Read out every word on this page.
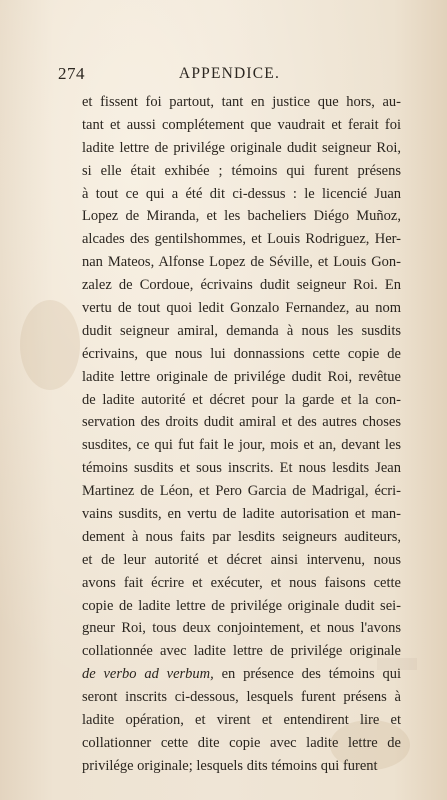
274	APPENDICE.
et fissent foi partout, tant en justice que hors, au-
tant et aussi complétement que vaudrait et ferait foi
ladite lettre de privilége originale dudit seigneur Roi,
si elle était exhibée ; témoins qui furent présens
à tout ce qui a été dit ci-dessus : le licencié Juan
Lopez de Miranda, et les bacheliers Diégo Muñoz,
alcades des gentilshommes, et Louis Rodriguez, Her-
nan Mateos, Alfonse Lopez de Séville, et Louis Gon-
zalez de Cordoue, écrivains dudit seigneur Roi. En
vertu de tout quoi ledit Gonzalo Fernandez, au nom
dudit seigneur amiral, demanda à nous les susdits
écrivains, que nous lui donnassions cette copie de
ladite lettre originale de privilége dudit Roi, revêtue
de ladite autorité et décret pour la garde et la con-
servation des droits dudit amiral et des autres choses
susdites, ce qui fut fait le jour, mois et an, devant les
témoins susdits et sous inscrits. Et nous lesdits Jean
Martinez de Léon, et Pero Garcia de Madrigal, écri-
vains susdits, en vertu de ladite autorisation et man-
dement à nous faits par lesdits seigneurs auditeurs,
et de leur autorité et décret ainsi intervenu, nous
avons fait écrire et exécuter, et nous faisons cette
copie de ladite lettre de privilége originale dudit sei-
gneur Roi, tous deux conjointement, et nous l'avons
collationnée avec ladite lettre de privilége originale
de verbo ad verbum, en présence des témoins qui
seront inscrits ci-dessous, lesquels furent présens à
ladite opération, et virent et entendirent lire et
collationner cette dite copie avec ladite lettre de
privilége originale; lesquels dits témoins qui furent
